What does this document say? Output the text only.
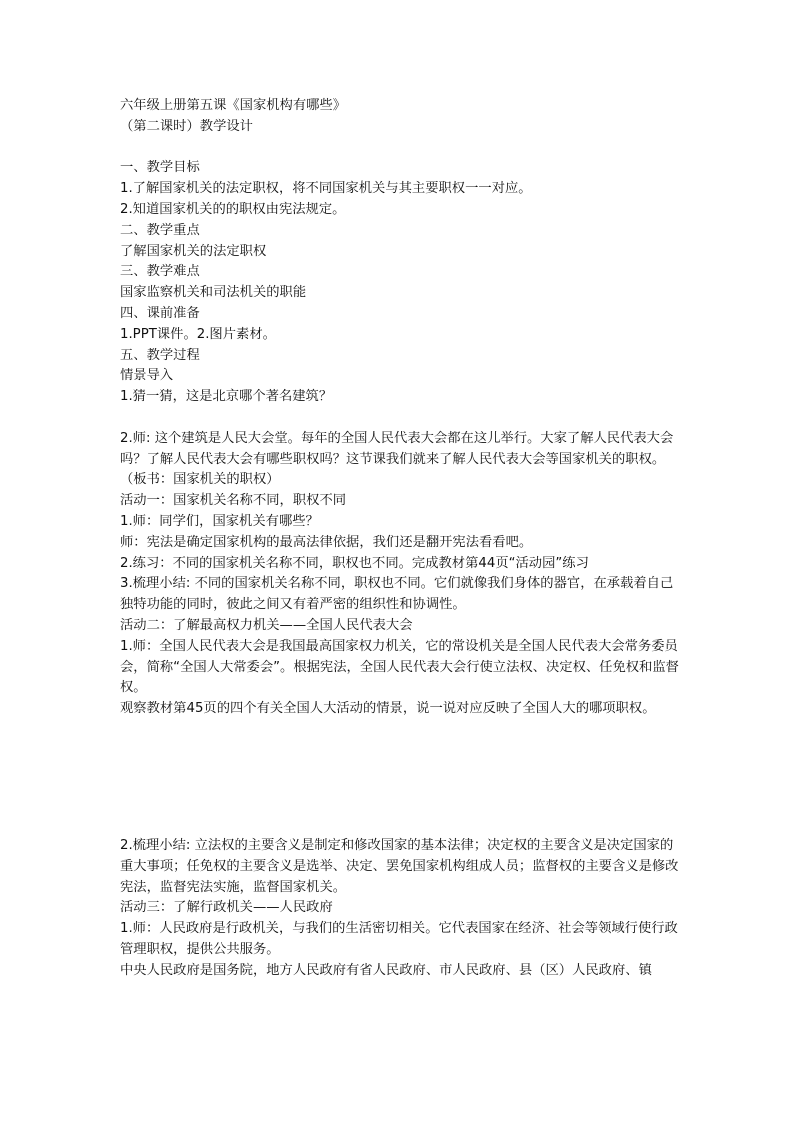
六年级上册第五课《国家机构有哪些》

（第二课时）教学设计

一、教学目标

1.了解国家机关的法定职权，将不同国家机关与其主要职权一一对应。

2.知道国家机关的的职权由宪法规定。

二、教学重点

了解国家机关的法定职权

三、教学难点

国家监察机关和司法机关的职能

四、课前准备

1.PPT课件。2.图片素材。

五、教学过程

情景导入

1.猜一猜，这是北京哪个著名建筑？

2.师: 这个建筑是人民大会堂。每年的全国人民代表大会都在这儿举行。大家了解人民代表大会吗？了解人民代表大会有哪些职权吗？这节课我们就来了解人民代表大会等国家机关的职权。

（板书：国家机关的职权）

活动一：国家机关名称不同，职权不同

1.师：同学们，国家机关有哪些？

师：宪法是确定国家机构的最高法律依据，我们还是翻开宪法看看吧。

2.练习：不同的国家机关名称不同，职权也不同。完成教材第44页“活动园”练习

3.梳理小结: 不同的国家机关名称不同，职权也不同。它们就像我们身体的器官，在承载着自己独特功能的同时，彼此之间又有着严密的组织性和协调性。

活动二：了解最高权力机关——全国人民代表大会

1.师：全国人民代表大会是我国最高国家权力机关，它的常设机关是全国人民代表大会常务委员会，简称“全国人大常委会”。根据宪法，全国人民代表大会行使立法权、决定权、任免权和监督权。

观察教材第45页的四个有关全国人大活动的情景，说一说对应反映了全国人大的哪项职权。

2.梳理小结: 立法权的主要含义是制定和修改国家的基本法律；决定权的主要含义是决定国家的重大事项；任免权的主要含义是选举、决定、罢免国家机构组成人员；监督权的主要含义是修改宪法，监督宪法实施，监督国家机关。

活动三：了解行政机关——人民政府

1.师：人民政府是行政机关，与我们的生活密切相关。它代表国家在经济、社会等领域行使行政管理职权，提供公共服务。

中央人民政府是国务院，地方人民政府有省人民政府、市人民政府、县（区）人民政府、镇
